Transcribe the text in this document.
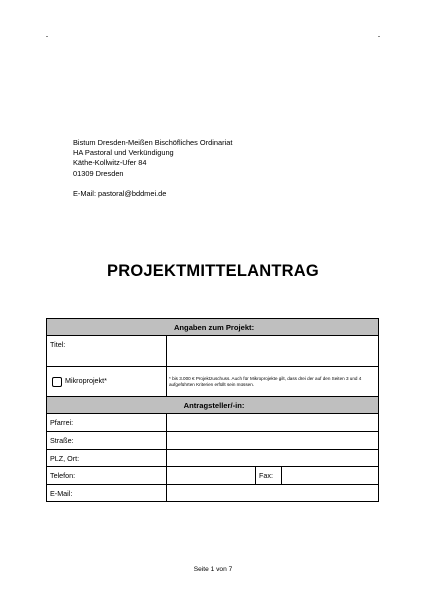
Bistum Dresden-Meißen Bischöfliches Ordinariat
HA Pastoral und Verkündigung
Käthe-Kollwitz-Ufer 84
01309 Dresden
E-Mail: pastoral@bddmei.de
PROJEKTMITTELANTRAG
Angaben zum Projekt:			
Titel:			
Mikroprojekt*	* bis 3.000 € Projektzuschuss. Auch für Mikroprojekte gilt, dass drei der auf den Seiten 3 und 4 aufgeführten Kriterien erfüllt sein müssen.		
Antragsteller/-in:			
Pfarrei:			
Straße:			
PLZ, Ort:			
Telefon:		Fax:	
E-Mail:			
Seite 1 von 7
